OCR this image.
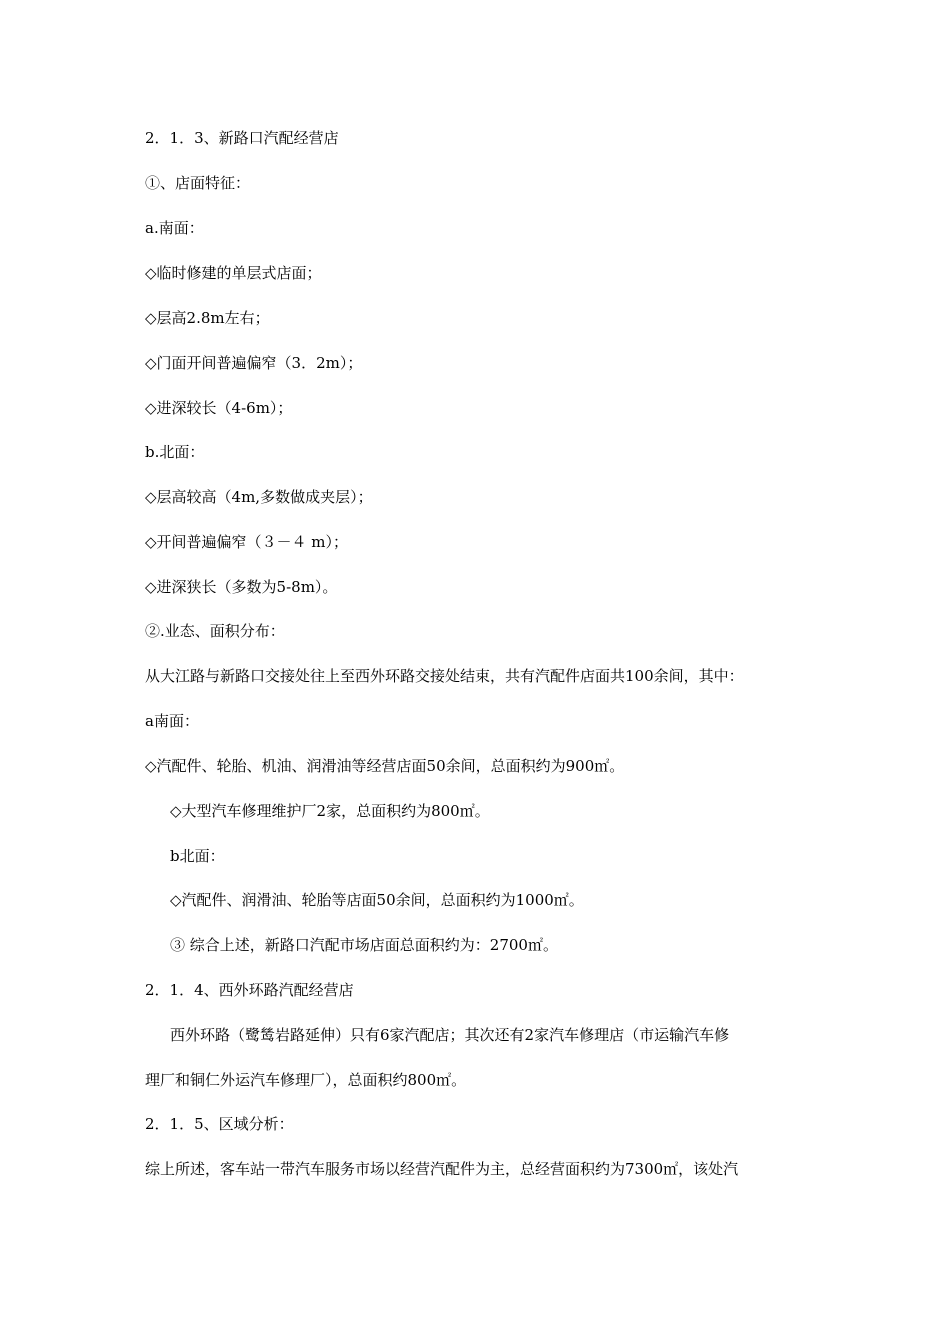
2．1．3、新路口汽配经营店
①、店面特征：
a.南面：
◇临时修建的单层式店面；
◇层高2.8m左右；
◇门面开间普遍偏窄（3．2m）；
◇进深较长（4-6m）；
b.北面：
◇层高较高（4m,多数做成夹层）；
◇开间普遍偏窄（３－４ m）；
◇进深狭长（多数为5-8m）。
②.业态、面积分布：
从大江路与新路口交接处往上至西外环路交接处结束，共有汽配件店面共100余间，其中：
a南面：
◇汽配件、轮胎、机油、润滑油等经营店面50余间，总面积约为900㎡。
◇大型汽车修理维护厂2家，总面积约为800㎡。
b北面：
◇汽配件、润滑油、轮胎等店面50余间，总面积约为1000㎡。
③ 综合上述，新路口汽配市场店面总面积约为：2700㎡。
2．1．4、西外环路汽配经营店
西外环路（鹭鸶岩路延伸）只有6家汽配店；其次还有2家汽车修理店（市运输汽车修
理厂和铜仁外运汽车修理厂），总面积约800㎡。
2．1．5、区域分析：
综上所述，客车站一带汽车服务市场以经营汽配件为主，总经营面积约为7300㎡，该处汽
